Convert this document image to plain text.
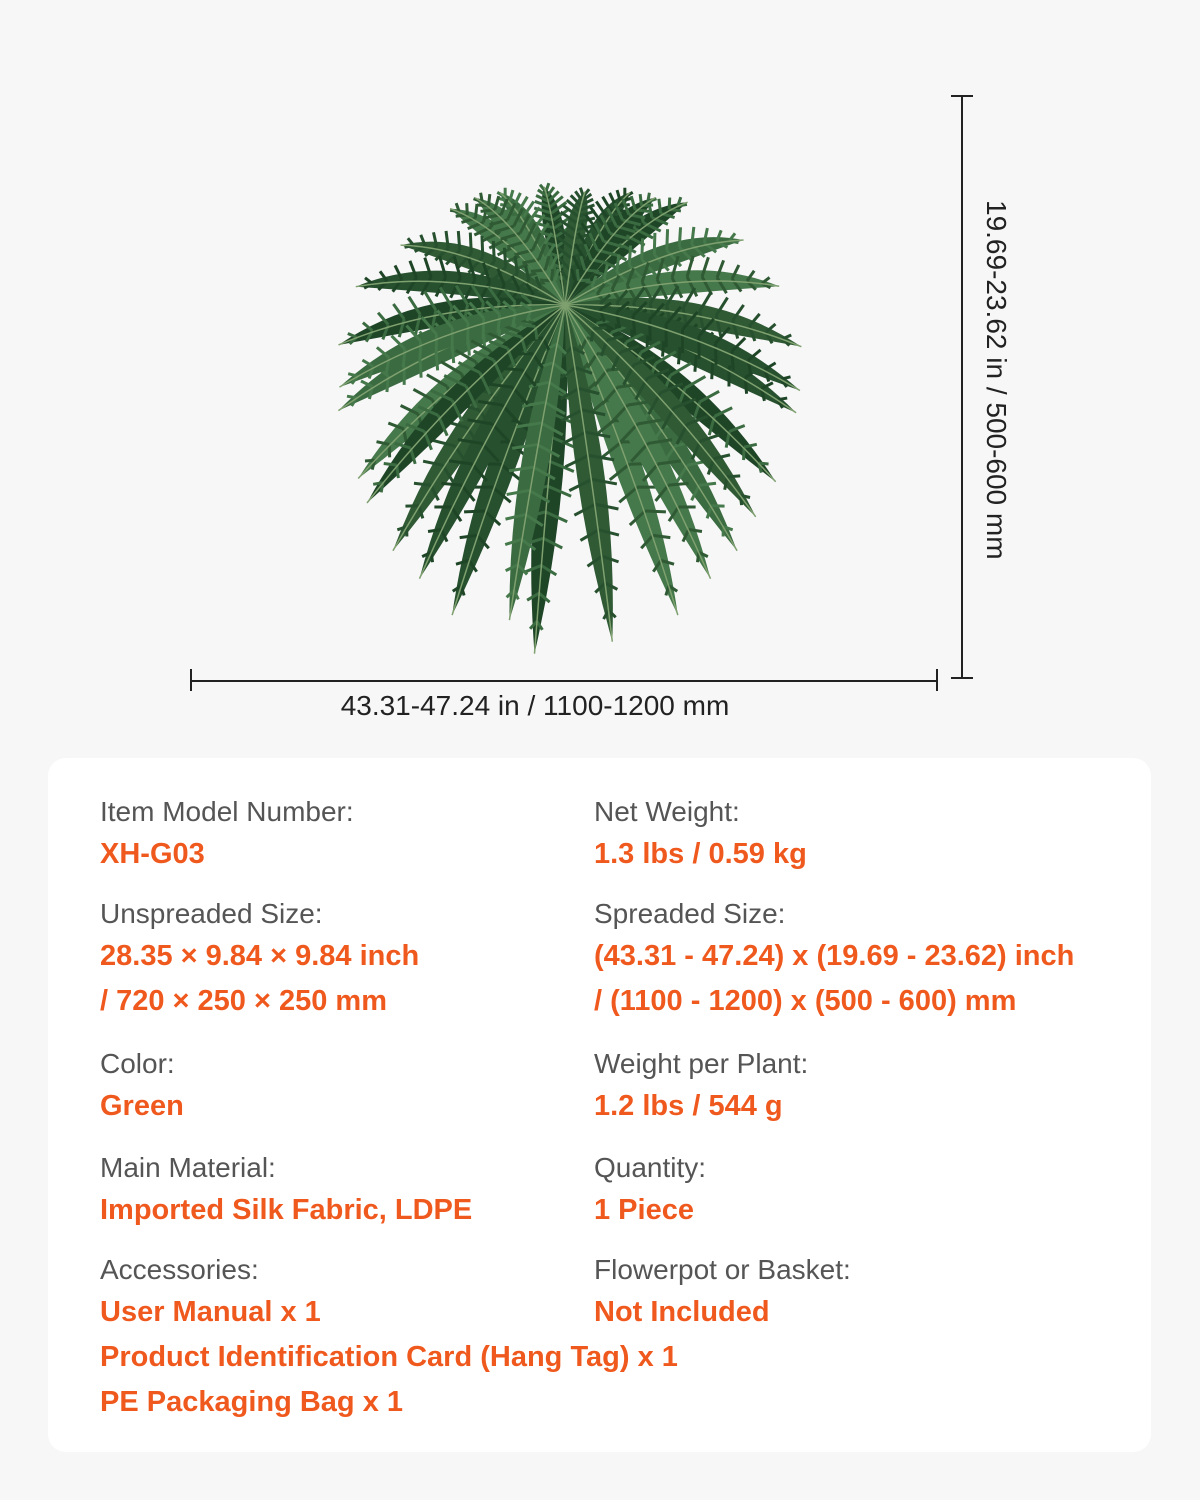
43.31-47.24 in / 1100-1200 mm
19.69-23.62 in / 500-600 mm
Item Model Number:
XH-G03
Net Weight:
1.3 lbs / 0.59 kg
Unspreaded Size:
28.35 × 9.84 × 9.84 inch
/ 720 × 250 × 250 mm
Spreaded Size:
(43.31 - 47.24) x (19.69 - 23.62) inch
/ (1100 - 1200) x (500 - 600) mm
Color:
Green
Weight per Plant:
1.2 lbs / 544 g
Main Material:
Imported Silk Fabric, LDPE
Quantity:
1 Piece
Accessories:
User Manual x 1
Product Identification Card (Hang Tag) x 1
PE Packaging Bag x 1
Flowerpot or Basket:
Not Included
